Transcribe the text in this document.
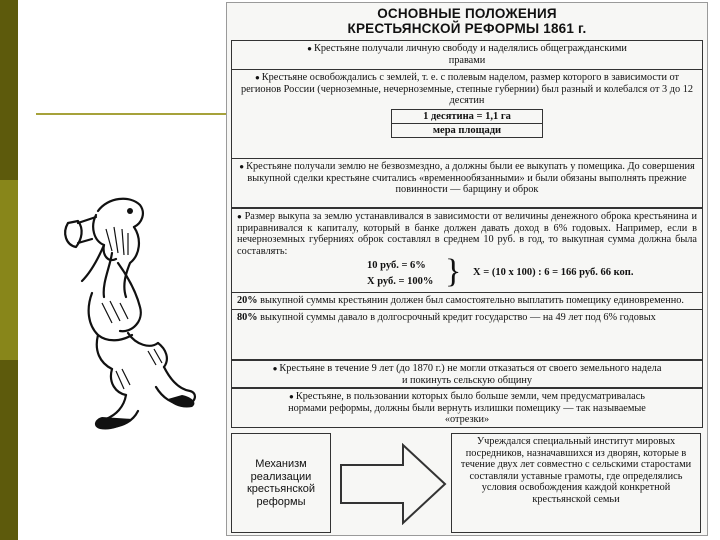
ОСНОВНЫЕ ПОЛОЖЕНИЯ
КРЕСТЬЯНСКОЙ РЕФОРМЫ 1861 г.
● Крестьяне получали личную свободу и наделялись общегражданскими правами
● Крестьяне освобождались с землей, т. е. с полевым наделом, размер которого в зависимости от регионов России (черноземные, нечерноземные, степные губернии) был разный и колебался от 3 до 12 десятин
1 десятина = 1,1 га
мера площади
● Крестьяне получали землю не безвозмездно, а должны были ее выкупать у помещика. До совершения выкупной сделки крестьяне считались «временнообязанными» и были обязаны выполнять прежние повинности — барщину и оброк
● Размер выкупа за землю устанавливался в зависимости от величины денежного оброка крестьянина и приравнивался к капиталу, который в банке должен давать доход в 6% годовых. Например, если в нечерноземных губерниях оброк составлял в среднем 10 руб. в год, то выкупная сумма должна была составлять:
10 руб. = 6%
Х руб. = 100% } Х = (10 х 100) : 6 = 166 руб. 66 коп.
20% выкупной суммы крестьянин должен был самостоятельно выплатить помещику единовременно.
80% выкупной суммы давало в долгосрочный кредит государство — на 49 лет под 6% годовых
● Крестьяне в течение 9 лет (до 1870 г.) не могли отказаться от своего земельного надела и покинуть сельскую общину
● Крестьяне, в пользовании которых было больше земли, чем предусматривалась нормами реформы, должны были вернуть излишки помещику — так называемые «отрезки»
Механизм реализации крестьянской реформы
Учреждался специальный институт мировых посредников, назначавшихся из дворян, которые в течение двух лет совместно с сельскими старостами составляли уставные грамоты, где определялись условия освобождения каждой конкретной крестьянской семьи
